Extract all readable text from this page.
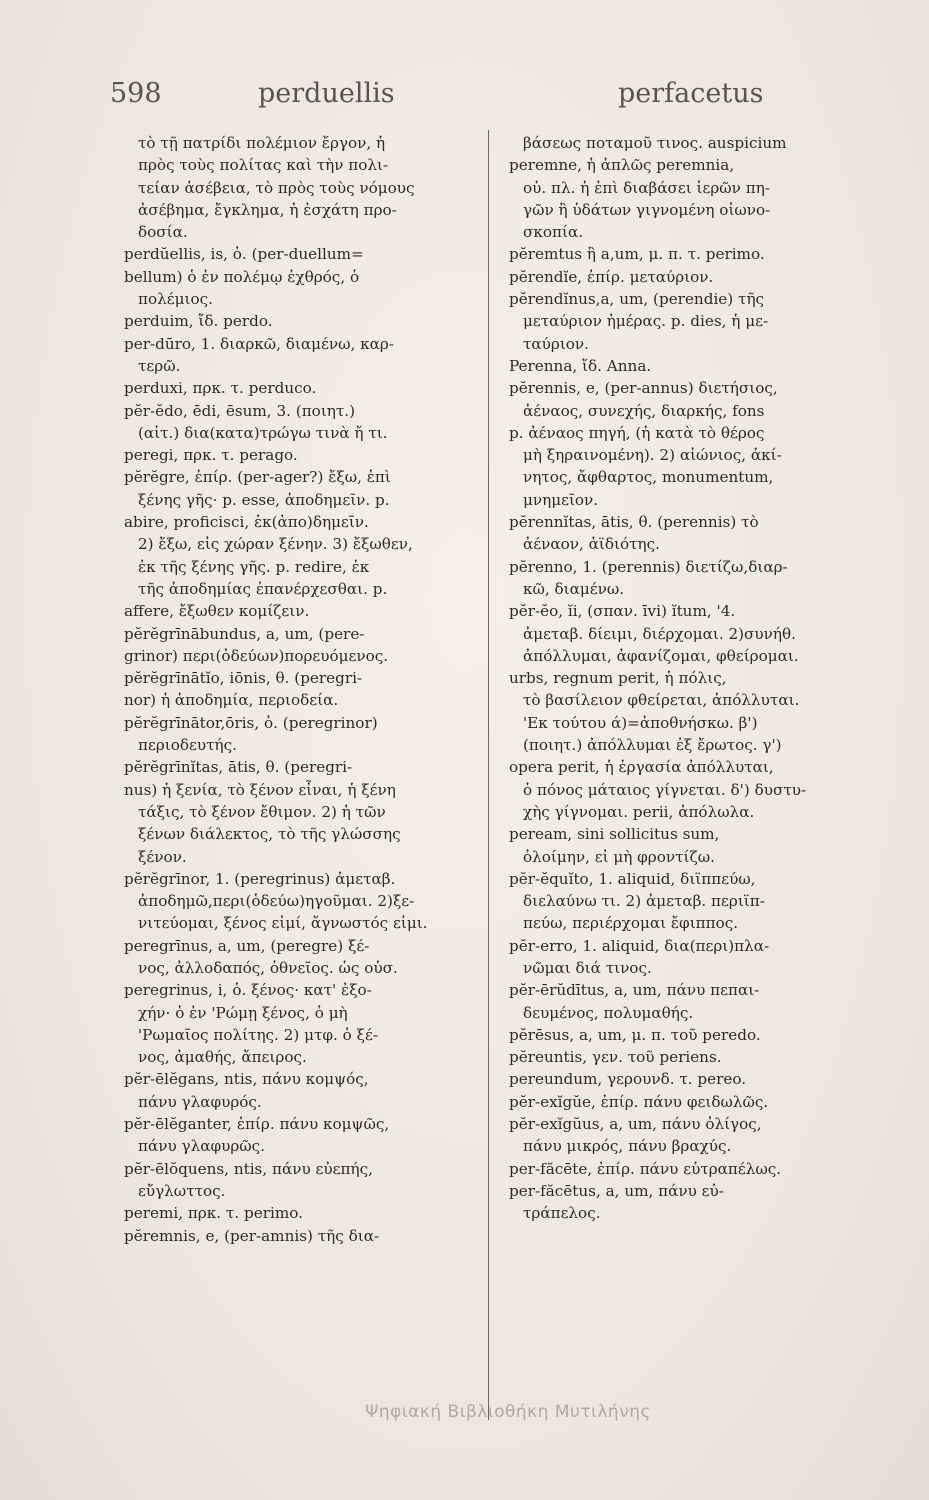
598	perduellis	perfacetus
τὸ τῇ πατρίδι πολέμιον ἔργον, ἡ
πρὸς τοὺς πολίτας καὶ τὴν πολι-
τείαν ἀσέβεια, τὸ πρὸς τοὺς νόμους
ἀσέβημα, ἔγκλημα, ἡ ἐσχάτη προ-
δοσία.
perdŭellis, is, ὁ. (per-duellum=
bellum) ὁ ἐν πολέμῳ ἐχθρός, ὁ
πολέμιος.
perduim, ἴδ. perdo.
per-dūro, 1. διαρκῶ, διαμένω, καρ-
τερῶ.
perduxi, πρκ. τ. perduco.
pĕr-ĕdo, ēdi, ēsum, 3. (ποιητ.)
(αἰτ.) δια(κατα)τρώγω τινὰ ἤ τι.
peregi, πρκ. τ. perago.
pĕrĕgre, ἐπίρ. (per-ager?) ἔξω, ἐπὶ
ξένης γῆς· p. esse, ἀποδημεῖν. p.
abire, proficisci, ἐκ(ἀπο)δημεῖν.
2) ἔξω, εἰς χώραν ξένην. 3) ἔξωθεν,
ἐκ τῆς ξένης γῆς. p. redire, ἐκ
τῆς ἀποδημίας ἐπανέρχεσθαι. p.
affere, ἔξωθεν κομίζειν.
pĕrĕgrīnābundus, a, um, (pere-
grinor) περι(ὁδεύων)πορευόμενος.
pĕrĕgrīnātĭo, iōnis, θ. (peregri-
nor) ἡ ἀποδημία, περιοδεία.
pĕrĕgrīnātor,ōris, ὁ. (peregrinor)
περιοδευτής.
pĕrĕgrīnĭtas, ātis, θ. (peregri-
nus) ἡ ξενία, τὸ ξένον εἶναι, ἡ ξένη
τάξις, τὸ ξένον ἔθιμον. 2) ἡ τῶν
ξένων διάλεκτος, τὸ τῆς γλώσσης
ξένον.
pĕrĕgrīnor, 1. (peregrinus) ἀμεταβ.
ἀποδημῶ,περι(ὁδεύω)ηγοῦμαι. 2)ξε-
νιτεύομαι, ξένος εἰμί, ἄγνωστός εἰμι.
peregrīnus, a, um, (peregre) ξέ-
νος, ἀλλοδαπός, ὀθνεῖος. ὡς οὐσ.
peregrinus, i, ὁ. ξένος· κατ' ἐξο-
χήν· ὁ ἐν 'Ρώμῃ ξένος, ὁ μὴ
'Ρωμαῖος πολίτης. 2) μτφ. ὁ ξέ-
νος, ἀμαθής, ἄπειρος.
pĕr-ēlĕgans, ntis, πάνυ κομψός,
πάνυ γλαφυρός.
pĕr-ēlĕganter, ἐπίρ. πάνυ κομψῶς,
πάνυ γλαφυρῶς.
pĕr-ēlŏquens, ntis, πάνυ εὐεπής,
εὔγλωττος.
peremi, πρκ. τ. perimo.
pĕremnis, e, (per-amnis) τῆς δια-
βάσεως ποταμοῦ τινος. auspicium
peremne, ἡ ἁπλῶς peremnia,
οὐ. πλ. ἡ ἐπὶ διαβάσει ἱερῶν πη-
γῶν ἢ ὑδάτων γιγνομένη οἰωνο-
σκοπία.
pĕremtus ἢ a,um, μ. π. τ. perimo.
pĕrendĭe, ἐπίρ. μεταύριον.
pĕrendĭnus,a, um, (perendie) τῆς
μεταύριον ἡμέρας. p. dies, ἡ με-
ταύριον.
Perenna, ἴδ. Anna.
pĕrennis, e, (per-annus) διετήσιος,
ἀέναος, συνεχής, διαρκής, fons
p. ἀέναος πηγή, (ἡ κατὰ τὸ θέρος
μὴ ξηραινομένη). 2) αἰώνιος, ἀκί-
νητος, ἄφθαρτος, monumentum,
μνημεῖον.
pĕrennĭtas, ātis, θ. (perennis) τὸ
ἀέναον, ἀϊδιότης.
pĕrenno, 1. (perennis) διετίζω,διαρ-
κῶ, διαμένω.
pĕr-ĕo, ĭi, (σπαν. īvi) ĭtum, '4.
ἀμεταβ. δίειμι, διέρχομαι. 2)συνήθ.
ἀπόλλυμαι, ἀφανίζομαι, φθείρομαι.
urbs, regnum perit, ἡ πόλις,
τὸ βασίλειον φθείρεται, ἀπόλλυται.
'Εκ τούτου ά)=ἀποθνήσκω. β')
(ποιητ.) ἀπόλλυμαι ἐξ ἔρωτος. γ')
opera perit, ἡ ἐργασία ἀπόλλυται,
ὁ πόνος μάταιος γίγνεται. δ') δυστυ-
χὴς γίγνομαι. perii, ἀπόλωλα.
peream, sini sollicitus sum,
ὀλοίμην, εἰ μὴ φροντίζω.
pĕr-ĕquĭto, 1. aliquid, διϊππεύω,
διελαύνω τι. 2) ἀμεταβ. περιϊπ-
πεύω, περιέρχομαι ἔφιππος.
pĕr-erro, 1. aliquid, δια(περι)πλα-
νῶμαι διά τινος.
pĕr-ērŭdītus, a, um, πάνυ πεπαι-
δευμένος, πολυμαθής.
pĕrēsus, a, um, μ. π. τοῦ peredo.
pĕreuntis, γεν. τοῦ periens.
pereundum, γερουνδ. τ. pereo.
pĕr-exĭgŭe, ἐπίρ. πάνυ φειδωλῶς.
pĕr-exĭgŭus, a, um, πάνυ ὀλίγος,
πάνυ μικρός, πάνυ βραχύς.
per-făcēte, ἐπίρ. πάνυ εὐτραπέλως.
per-făcētus, a, um, πάνυ εὐ-
τράπελος.
Ψηφιακή Βιβλιοθήκη Μυτιλήνης
